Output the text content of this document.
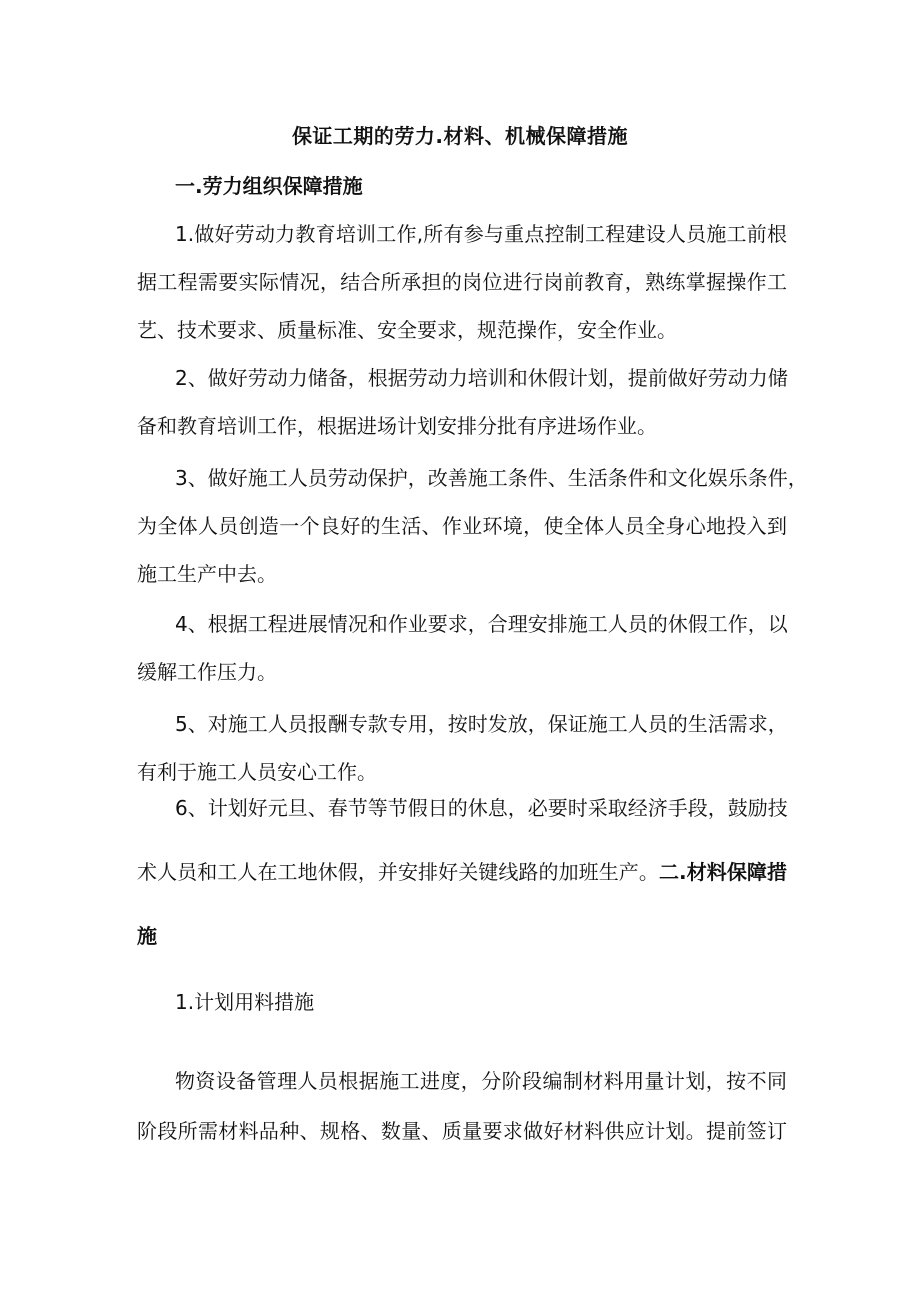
保证工期的劳力.材料、机械保障措施
一.劳力组织保障措施
1.做好劳动力教育培训工作,所有参与重点控制工程建设人员施工前根
据工程需要实际情况，结合所承担的岗位进行岗前教育，熟练掌握操作工
艺、技术要求、质量标准、安全要求，规范操作，安全作业。
2、做好劳动力储备，根据劳动力培训和休假计划，提前做好劳动力储
备和教育培训工作，根据进场计划安排分批有序进场作业。
3、做好施工人员劳动保护，改善施工条件、生活条件和文化娱乐条件，
为全体人员创造一个良好的生活、作业环境，使全体人员全身心地投入到
施工生产中去。
4、根据工程进展情况和作业要求，合理安排施工人员的休假工作，以
缓解工作压力。
5、对施工人员报酬专款专用，按时发放，保证施工人员的生活需求，
有利于施工人员安心工作。
6、计划好元旦、春节等节假日的休息，必要时采取经济手段，鼓励技
术人员和工人在工地休假，并安排好关键线路的加班生产。二.材料保障措
施
1.计划用料措施
物资设备管理人员根据施工进度，分阶段编制材料用量计划，按不同
阶段所需材料品种、规格、数量、质量要求做好材料供应计划。提前签订
